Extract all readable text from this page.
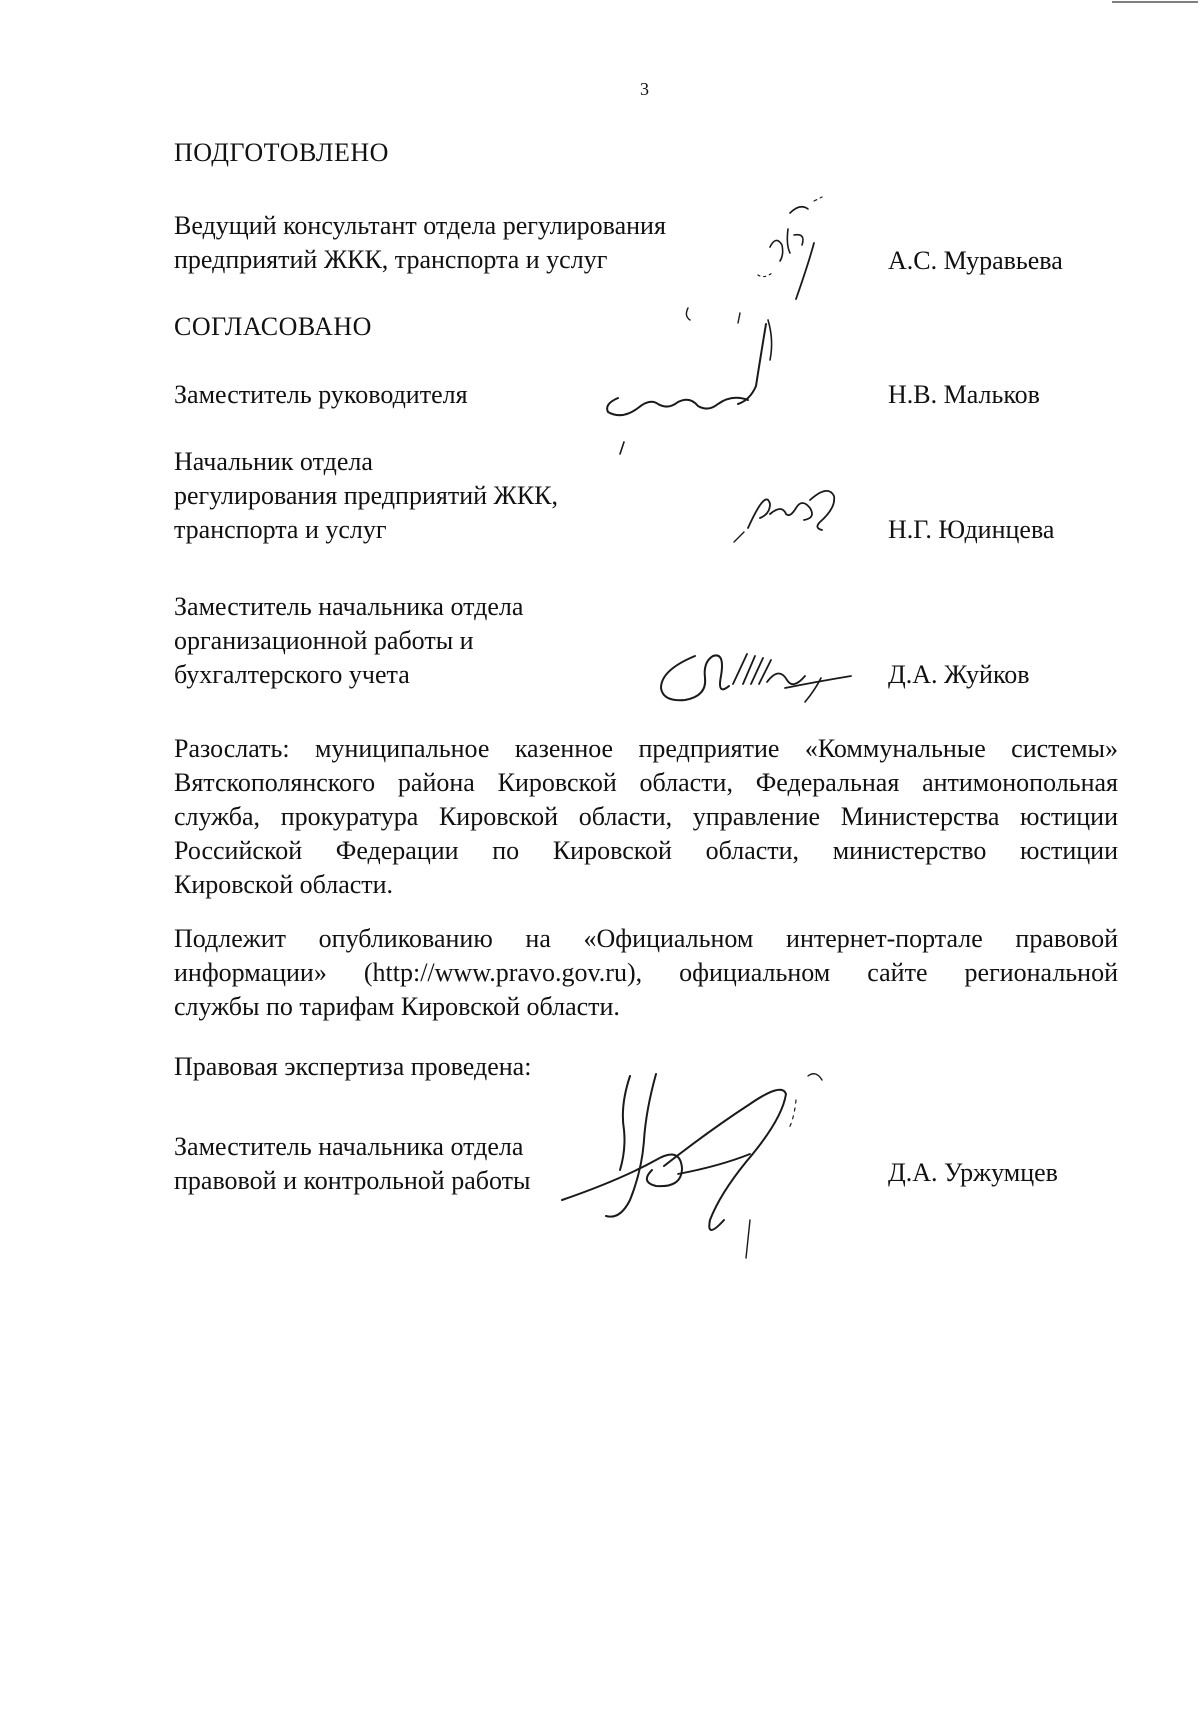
3
ПОДГОТОВЛЕНО
Ведущий консультант отдела регулирования
предприятий ЖКК, транспорта и услуг	А.С. Муравьева
СОГЛАСОВАНО
Заместитель руководителя	Н.В. Мальков
Начальник отдела
регулирования предприятий ЖКК,
транспорта и услуг	Н.Г. Юдинцева
Заместитель начальника отдела
организационной работы и
бухгалтерского учета	Д.А. Жуйков
Разослать: муниципальное казенное предприятие «Коммунальные системы»
Вятскополянского района Кировской области, Федеральная антимонопольная
служба, прокуратура Кировской области, управление Министерства юстиции
Российской Федерации по Кировской области, министерство юстиции
Кировской области.
Подлежит опубликованию на «Официальном интернет-портале правовой
информации» (http://www.pravo.gov.ru), официальном сайте региональной
службы по тарифам Кировской области.
Правовая экспертиза проведена:
Заместитель начальника отдела
правовой и контрольной работы	Д.А. Уржумцев
